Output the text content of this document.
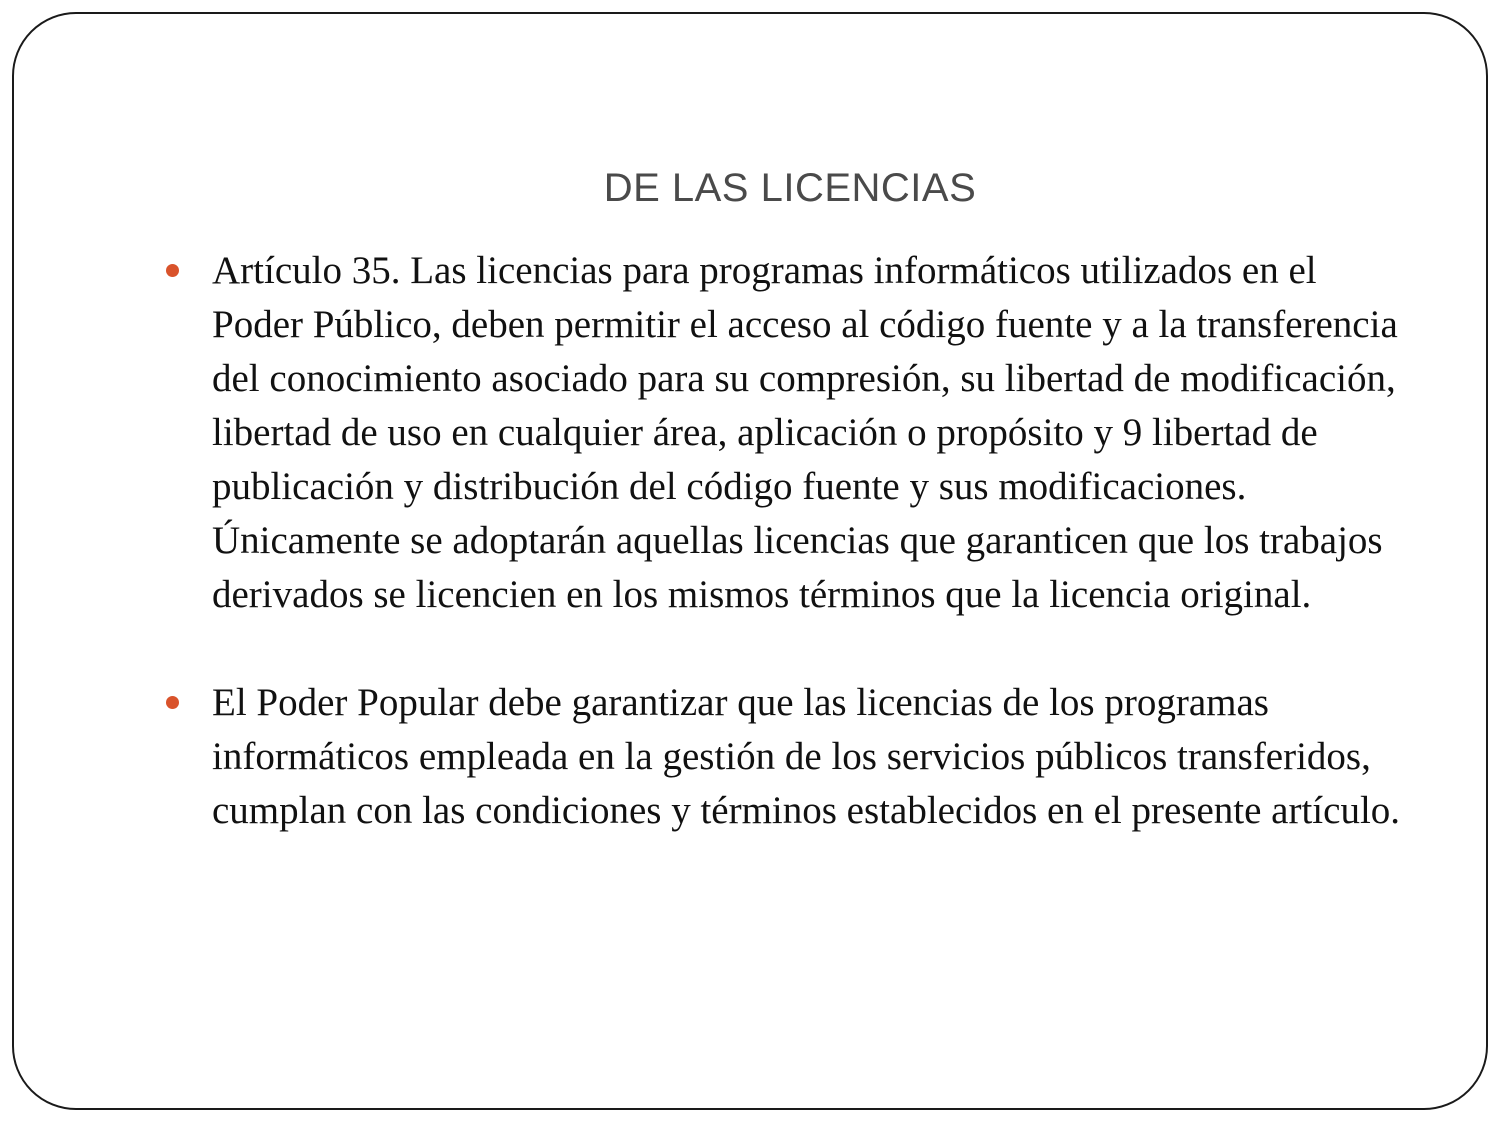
DE LAS LICENCIAS
Artículo 35. Las licencias para programas informáticos utilizados en el Poder Público, deben permitir el acceso al código fuente y a la transferencia del conocimiento asociado para su compresión, su libertad de modificación, libertad de uso en cualquier área, aplicación o propósito y 9 libertad de publicación y distribución del código fuente y sus modificaciones. Únicamente se adoptarán aquellas licencias que garanticen que los trabajos derivados se licencien en los mismos términos que la licencia original.
El Poder Popular debe garantizar que las licencias de los programas informáticos empleada en la gestión de los servicios públicos transferidos, cumplan con las condiciones y términos establecidos en el presente artículo.
